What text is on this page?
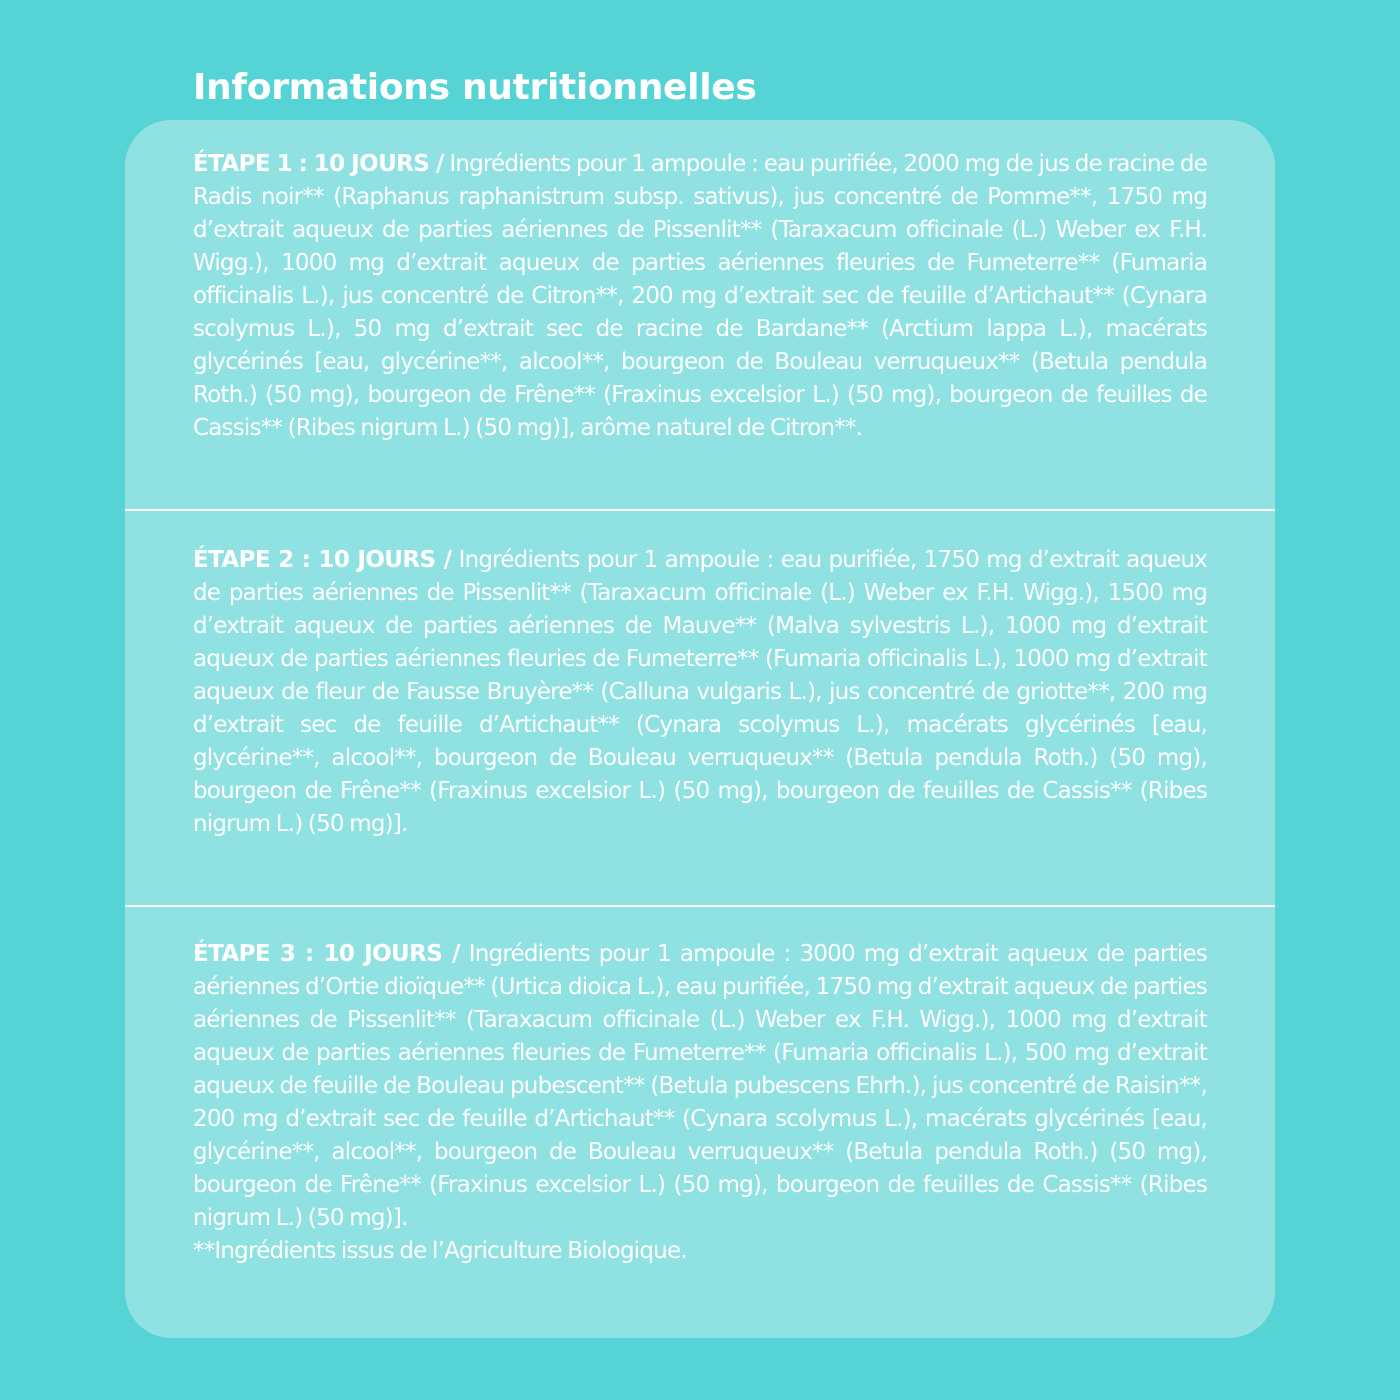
Informations nutritionnelles

ÉTAPE 1 : 10 JOURS / Ingrédients pour 1 ampoule : eau purifiée, 2000 mg de jus de racine de Radis noir** (Raphanus raphanistrum subsp. sativus), jus concentré de Pomme**, 1750 mg d’extrait aqueux de parties aériennes de Pissenlit** (Taraxacum officinale (L.) Weber ex F.H. Wigg.), 1000 mg d’extrait aqueux de parties aériennes fleuries de Fumeterre** (Fumaria officinalis L.), jus concentré de Citron**, 200 mg d’extrait sec de feuille d’Artichaut** (Cynara scolymus L.), 50 mg d’extrait sec de racine de Bardane** (Arctium lappa L.), macérats glycérinés [eau, glycérine**, alcool**, bourgeon de Bouleau verruqueux** (Betula pendula Roth.) (50 mg), bourgeon de Frêne** (Fraxinus excelsior L.) (50 mg), bourgeon de feuilles de Cassis** (Ribes nigrum L.) (50 mg)], arôme naturel de Citron**.

ÉTAPE 2 : 10 JOURS / Ingrédients pour 1 ampoule : eau purifiée, 1750 mg d’extrait aqueux de parties aériennes de Pissenlit** (Taraxacum officinale (L.) Weber ex F.H. Wigg.), 1500 mg d’extrait aqueux de parties aériennes de Mauve** (Malva sylvestris L.), 1000 mg d’extrait aqueux de parties aériennes fleuries de Fumeterre** (Fumaria officinalis L.), 1000 mg d’extrait aqueux de fleur de Fausse Bruyère** (Calluna vulgaris L.), jus concentré de griotte**, 200 mg d’extrait sec de feuille d’Artichaut** (Cynara scolymus L.), macérats glycérinés [eau, glycérine**, alcool**, bourgeon de Bouleau verruqueux** (Betula pendula Roth.) (50 mg), bourgeon de Frêne** (Fraxinus excelsior L.) (50 mg), bourgeon de feuilles de Cassis** (Ribes nigrum L.) (50 mg)].

ÉTAPE 3 : 10 JOURS / Ingrédients pour 1 ampoule : 3000 mg d’extrait aqueux de parties aériennes d’Ortie dioïque** (Urtica dioica L.), eau purifiée, 1750 mg d’extrait aqueux de parties aériennes de Pissenlit** (Taraxacum officinale (L.) Weber ex F.H. Wigg.), 1000 mg d’extrait aqueux de parties aériennes fleuries de Fumeterre** (Fumaria officinalis L.), 500 mg d’extrait aqueux de feuille de Bouleau pubescent** (Betula pubescens Ehrh.), jus concentré de Raisin**, 200 mg d’extrait sec de feuille d’Artichaut** (Cynara scolymus L.), macérats glycérinés [eau, glycérine**, alcool**, bourgeon de Bouleau verruqueux** (Betula pendula Roth.) (50 mg), bourgeon de Frêne** (Fraxinus excelsior L.) (50 mg), bourgeon de feuilles de Cassis** (Ribes nigrum L.) (50 mg)].

**Ingrédients issus de l’Agriculture Biologique.
